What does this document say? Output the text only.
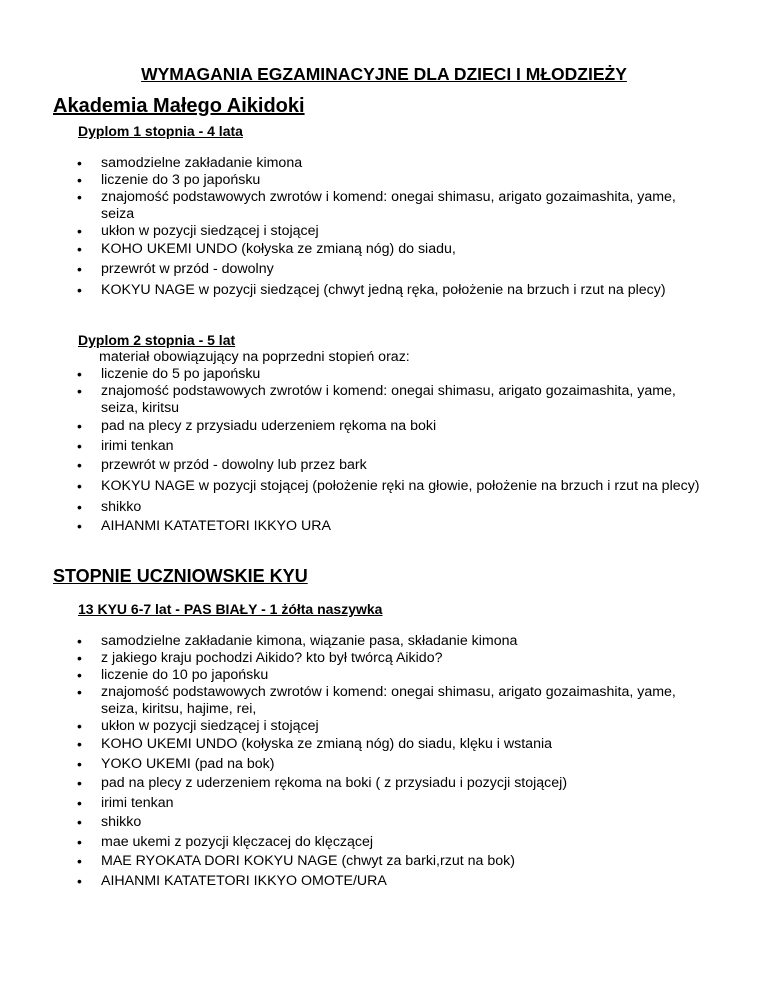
WYMAGANIA EGZAMINACYJNE DLA DZIECI I MŁODZIEŻY
Akademia Małego Aikidoki
Dyplom 1 stopnia - 4 lata
• samodzielne zakładanie kimona
• liczenie do 3 po japońsku
• znajomość podstawowych zwrotów i komend: onegai shimasu, arigato gozaimashita, yame, seiza
• ukłon w pozycji siedzącej i stojącej
• KOHO UKEMI UNDO (kołyska ze zmianą nóg) do siadu,
• przewrót w przód - dowolny
• KOKYU NAGE w pozycji siedzącej (chwyt jedną ręka, położenie na brzuch i rzut na plecy)
Dyplom 2 stopnia - 5 lat

materiał obowiązujący na poprzedni stopień oraz:

• liczenie do 5 po japońsku
• znajomość podstawowych zwrotów i komend: onegai shimasu, arigato gozaimashita, yame, seiza, kiritsu
• pad na plecy z przysiadu uderzeniem rękoma na boki
• irimi tenkan
• przewrót w przód - dowolny lub przez bark
• KOKYU NAGE w pozycji stojącej (położenie ręki na głowie, położenie na brzuch i rzut na plecy)
• shikko
• AIHANMI KATATETORI IKKYO URA
STOPNIE UCZNIOWSKIE KYU
13 KYU 6-7 lat - PAS BIAŁY - 1 żółta naszywka
• samodzielne zakładanie kimona, wiązanie pasa, składanie kimona
• z jakiego kraju pochodzi Aikido? kto był twórcą Aikido?
• liczenie do 10 po japońsku
• znajomość podstawowych zwrotów i komend: onegai shimasu, arigato gozaimashita, yame, seiza, kiritsu, hajime, rei,
• ukłon w pozycji siedzącej i stojącej
• KOHO UKEMI UNDO (kołyska ze zmianą nóg) do siadu, klęku i wstania
• YOKO UKEMI (pad na bok)
• pad na plecy z uderzeniem rękoma na boki ( z przysiadu i pozycji stojącej)
• irimi tenkan
• shikko
• mae ukemi z pozycji klęczacej do klęczącej
• MAE RYOKATA DORI KOKYU NAGE (chwyt za barki,rzut na bok)
• AIHANMI KATATETORI IKKYO OMOTE/URA
